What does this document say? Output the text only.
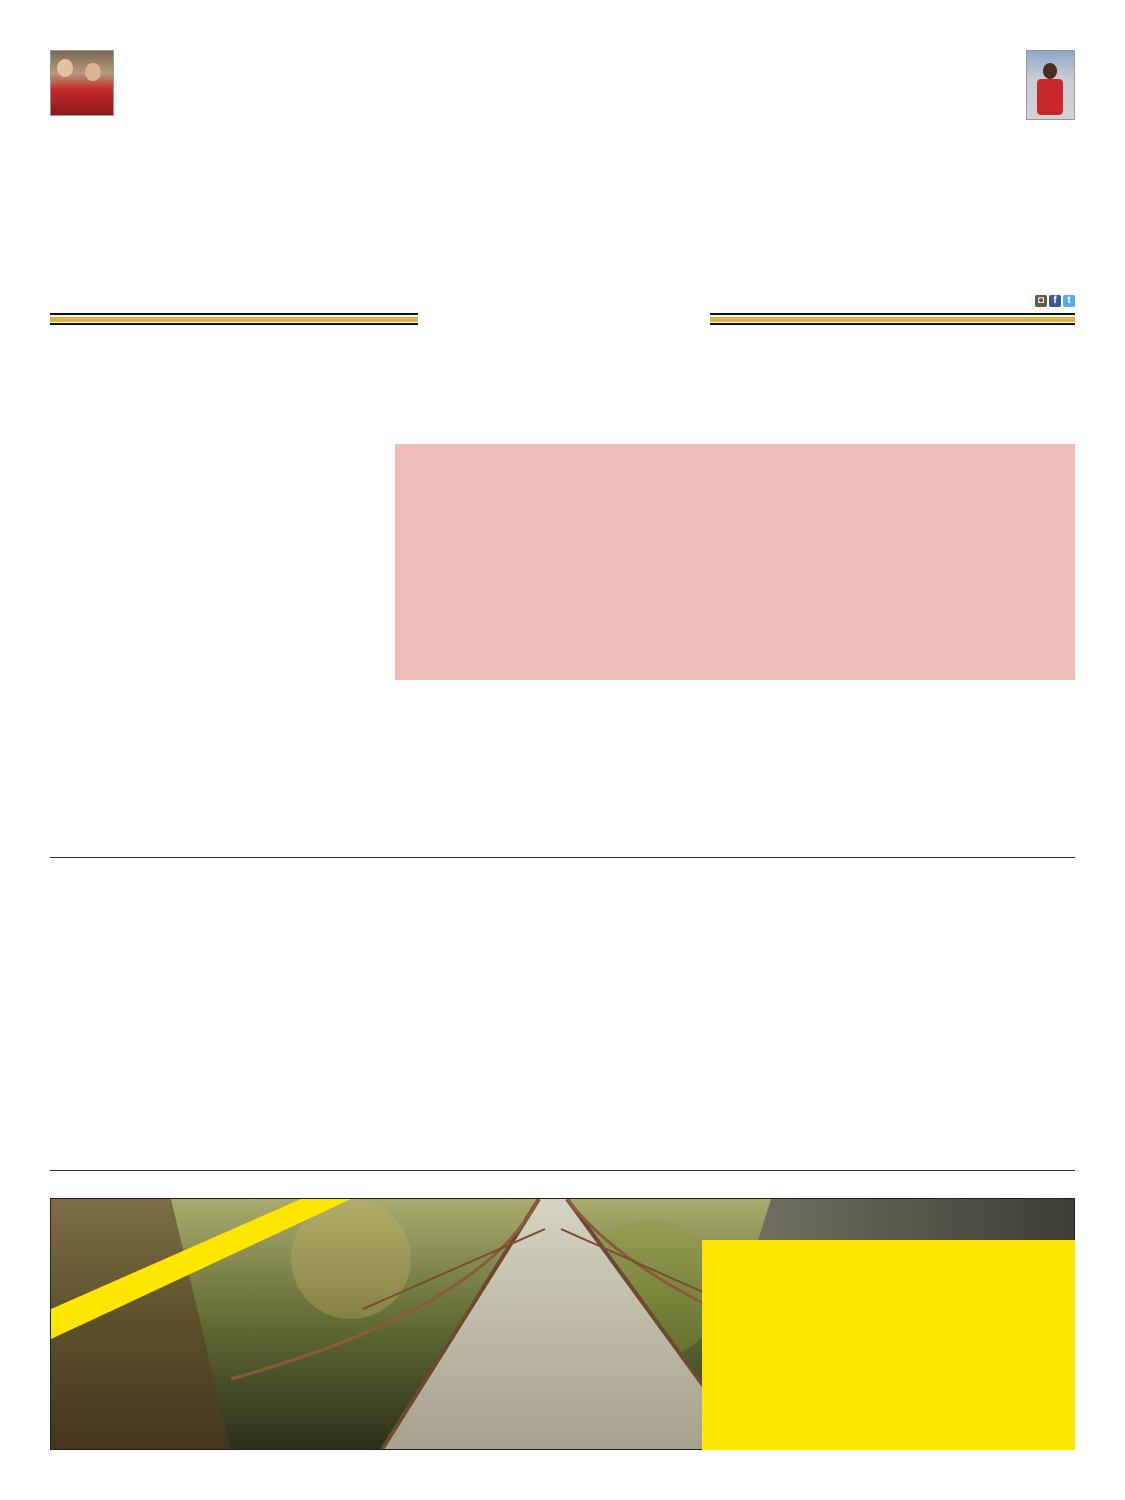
◘ f	t
